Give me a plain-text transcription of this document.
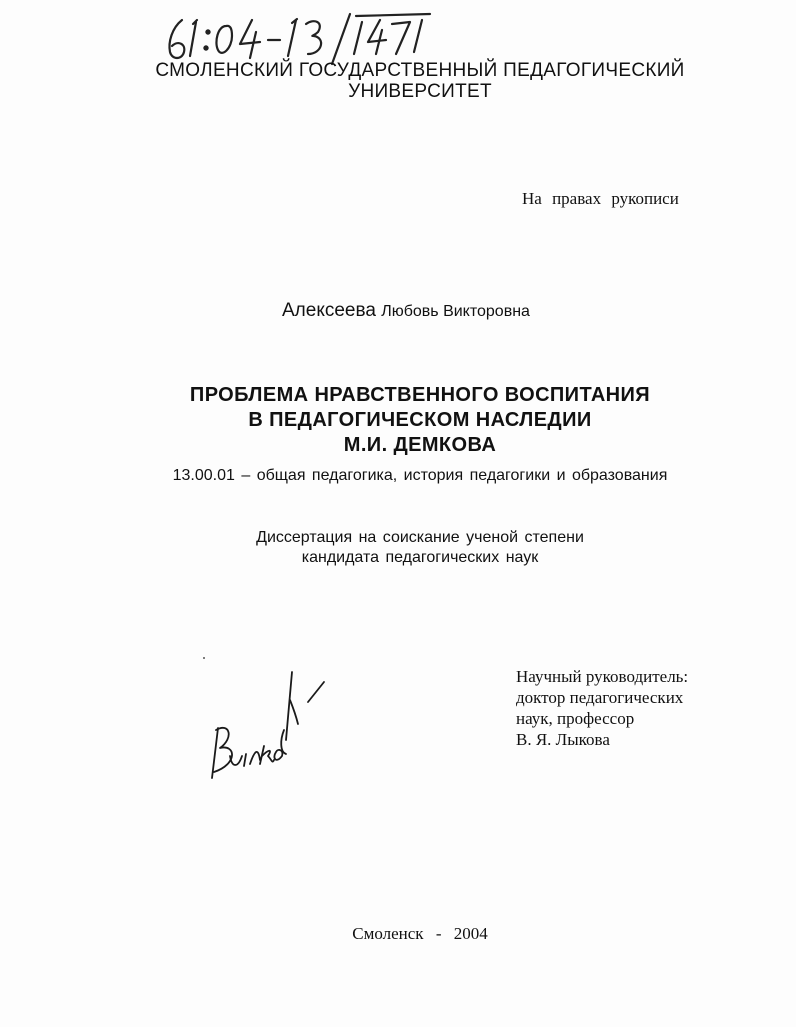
СМОЛЕНСКИЙ ГОСУДАРСТВЕННЫЙ ПЕДАГОГИЧЕСКИЙ
УНИВЕРСИТЕТ
На правах рукописи
Алексеева Любовь Викторовна
ПРОБЛЕМА НРАВСТВЕННОГО ВОСПИТАНИЯ
В ПЕДАГОГИЧЕСКОМ НАСЛЕДИИ
М.И. ДЕМКОВА
13.00.01 – общая педагогика, история педагогики и образования
Диссертация на соискание ученой степени
кандидата педагогических наук
Научный руководитель:
доктор педагогических
наук, профессор
В. Я. Лыкова
Смоленск - 2004
